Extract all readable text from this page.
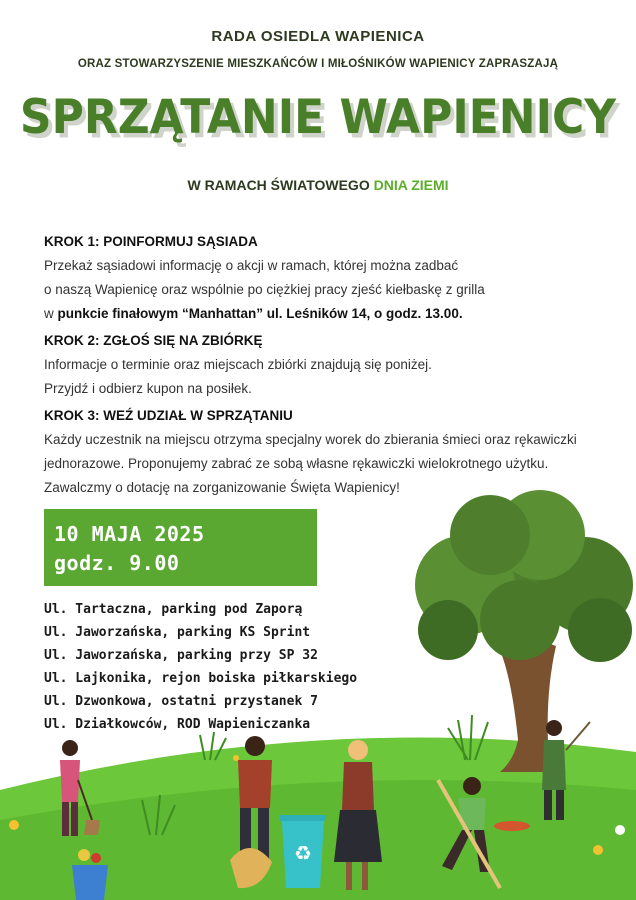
RADA OSIEDLA WAPIENICA
ORAZ STOWARZYSZENIE MIESZKAŃCÓW I MIŁOŚNIKÓW WAPIENICY ZAPRASZAJĄ
SPRZĄTANIE WAPIENICY
W RAMACH ŚWIATOWEGO DNIA ZIEMI
KROK 1: POINFORMUJ SĄSIADA

Przekaż sąsiadowi informację o akcji w ramach, której można zadbać

o naszą Wapienicę oraz wspólnie po ciężkiej pracy zjeść kiełbaskę z grilla

w punkcie finałowym “Manhattan” ul. Leśników 14, o godz. 13.00.

KROK 2: ZGŁOŚ SIĘ NA ZBIÓRKĘ

Informacje o terminie oraz miejscach zbiórki znajdują się poniżej.

Przyjdź i odbierz kupon na posiłek.

KROK 3: WEŹ UDZIAŁ W SPRZĄTANIU

Każdy uczestnik na miejscu otrzyma specjalny worek do zbierania śmieci oraz rękawiczki

jednorazowe. Proponujemy zabrać ze sobą własne rękawiczki wielokrotnego użytku.

Zawalczmy o dotację na zorganizowanie Święta Wapienicy!

♻
10 MAJA 2025
godz. 9.00
Ul. Tartaczna, parking pod Zaporą
Ul. Jaworzańska, parking KS Sprint
Ul. Jaworzańska, parking przy SP 32
Ul. Lajkonika, rejon boiska piłkarskiego
Ul. Dzwonkowa, ostatni przystanek 7
Ul. Działkowców, ROD Wapieniczanka
